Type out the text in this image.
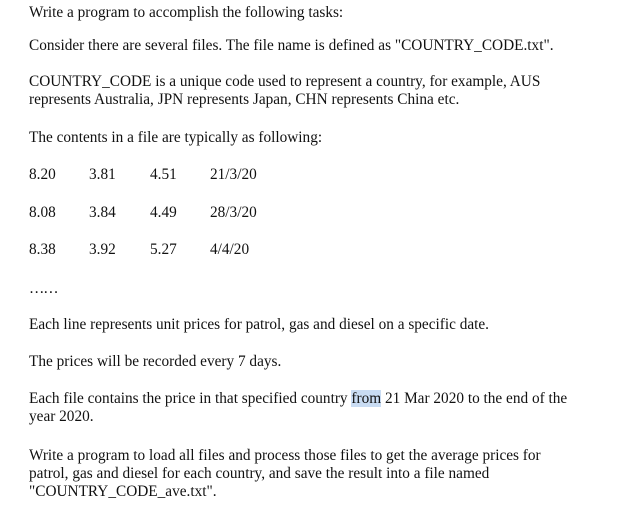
Write a program to accomplish the following tasks:
Consider there are several files. The file name is defined as "COUNTRY_CODE.txt".
COUNTRY_CODE is a unique code used to represent a country, for example, AUS represents Australia, JPN represents Japan, CHN represents China etc.
The contents in a file are typically as following:
8.20 3.81 4.51 21/3/20
8.08 3.84 4.49 28/3/20
8.38 3.92 5.27 4/4/20
……
Each line represents unit prices for patrol, gas and diesel on a specific date.
The prices will be recorded every 7 days.
Each file contains the price in that specified country from 21 Mar 2020 to the end of the year 2020.
Write a program to load all files and process those files to get the average prices for patrol, gas and diesel for each country, and save the result into a file named "COUNTRY_CODE_ave.txt".
